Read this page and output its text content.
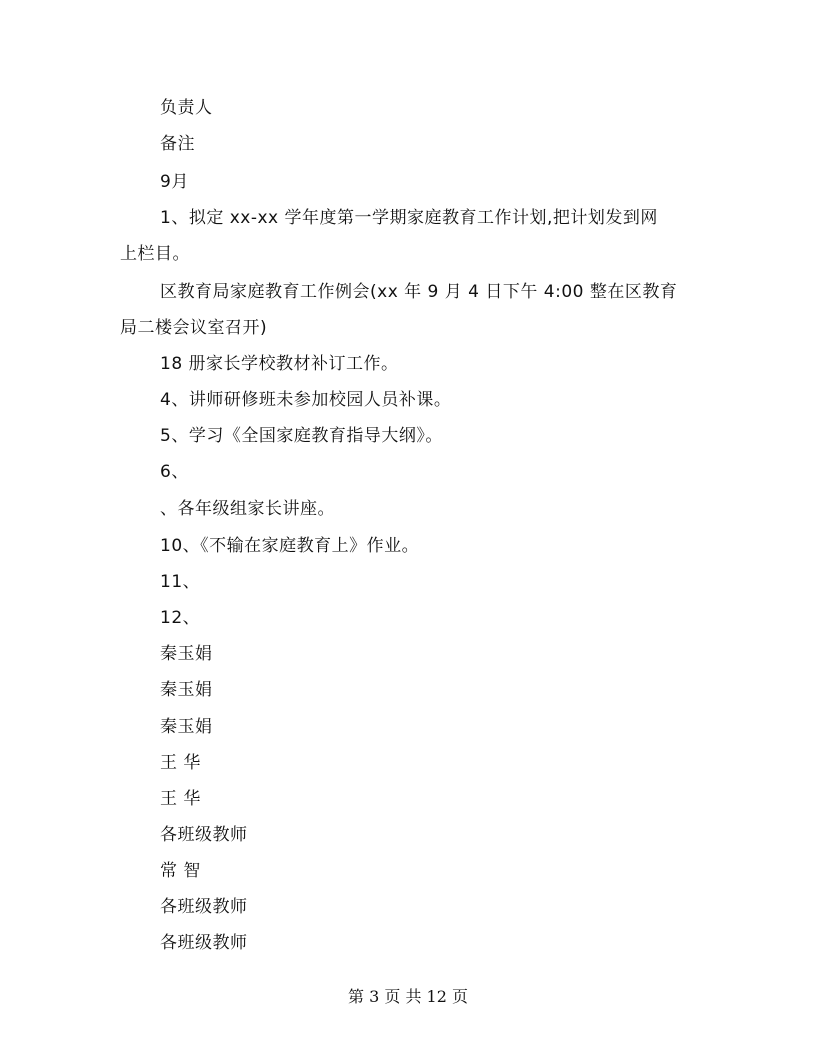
负责人
备注
9月
1、拟定 xx-xx 学年度第一学期家庭教育工作计划,把计划发到网
上栏目。
区教育局家庭教育工作例会(xx 年 9 月 4 日下午 4:00 整在区教育
局二楼会议室召开)
18 册家长学校教材补订工作。
4、讲师研修班未参加校园人员补课。
5、学习《全国家庭教育指导大纲》。
6、
、各年级组家长讲座。
10、《不输在家庭教育上》作业。
11、
12、
秦玉娟
秦玉娟
秦玉娟
王 华
王 华
各班级教师
常 智
各班级教师
各班级教师
第 3 页 共 12 页
